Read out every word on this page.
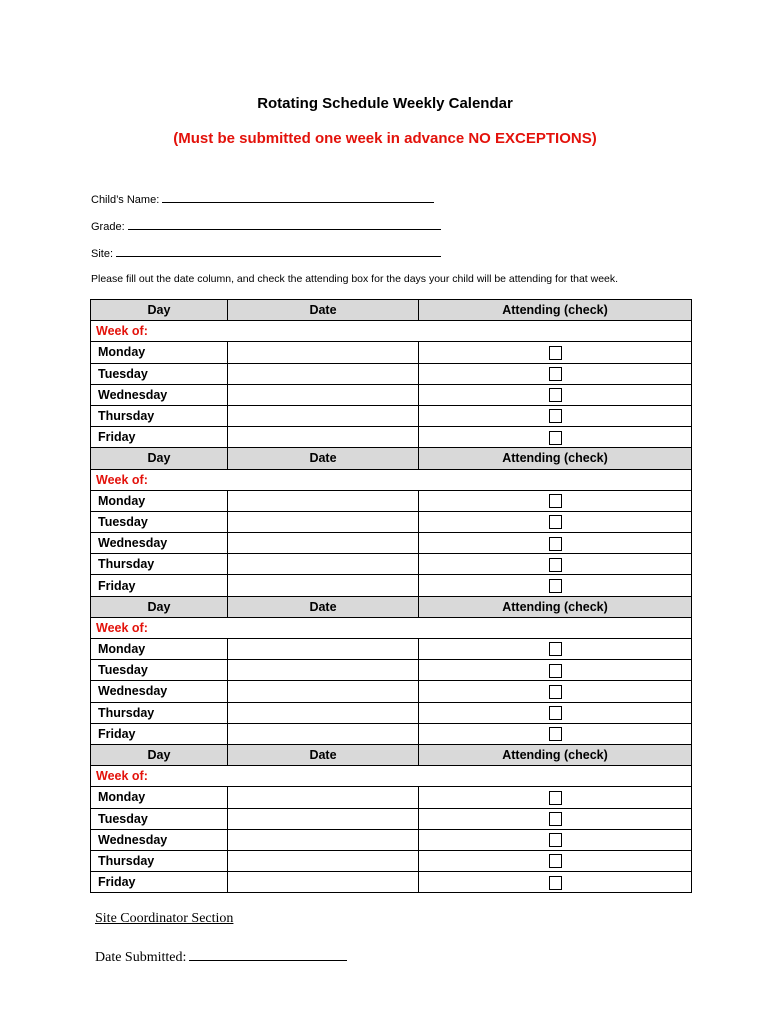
Rotating Schedule Weekly Calendar
(Must be submitted one week in advance NO EXCEPTIONS)
Child’s Name:
Grade:
Site:
Please fill out the date column, and check the attending box for the days your child will be attending for that week.
Day	Date	Attending (check)
Week of:		
Monday		
Tuesday		
Wednesday		
Thursday		
Friday		
Day	Date	Attending (check)
Week of:		
Monday		
Tuesday		
Wednesday		
Thursday		
Friday		
Day	Date	Attending (check)
Week of:		
Monday		
Tuesday		
Wednesday		
Thursday		
Friday		
Day	Date	Attending (check)
Week of:		
Monday		
Tuesday		
Wednesday		
Thursday		
Friday		
Site Coordinator Section
Date Submitted:
